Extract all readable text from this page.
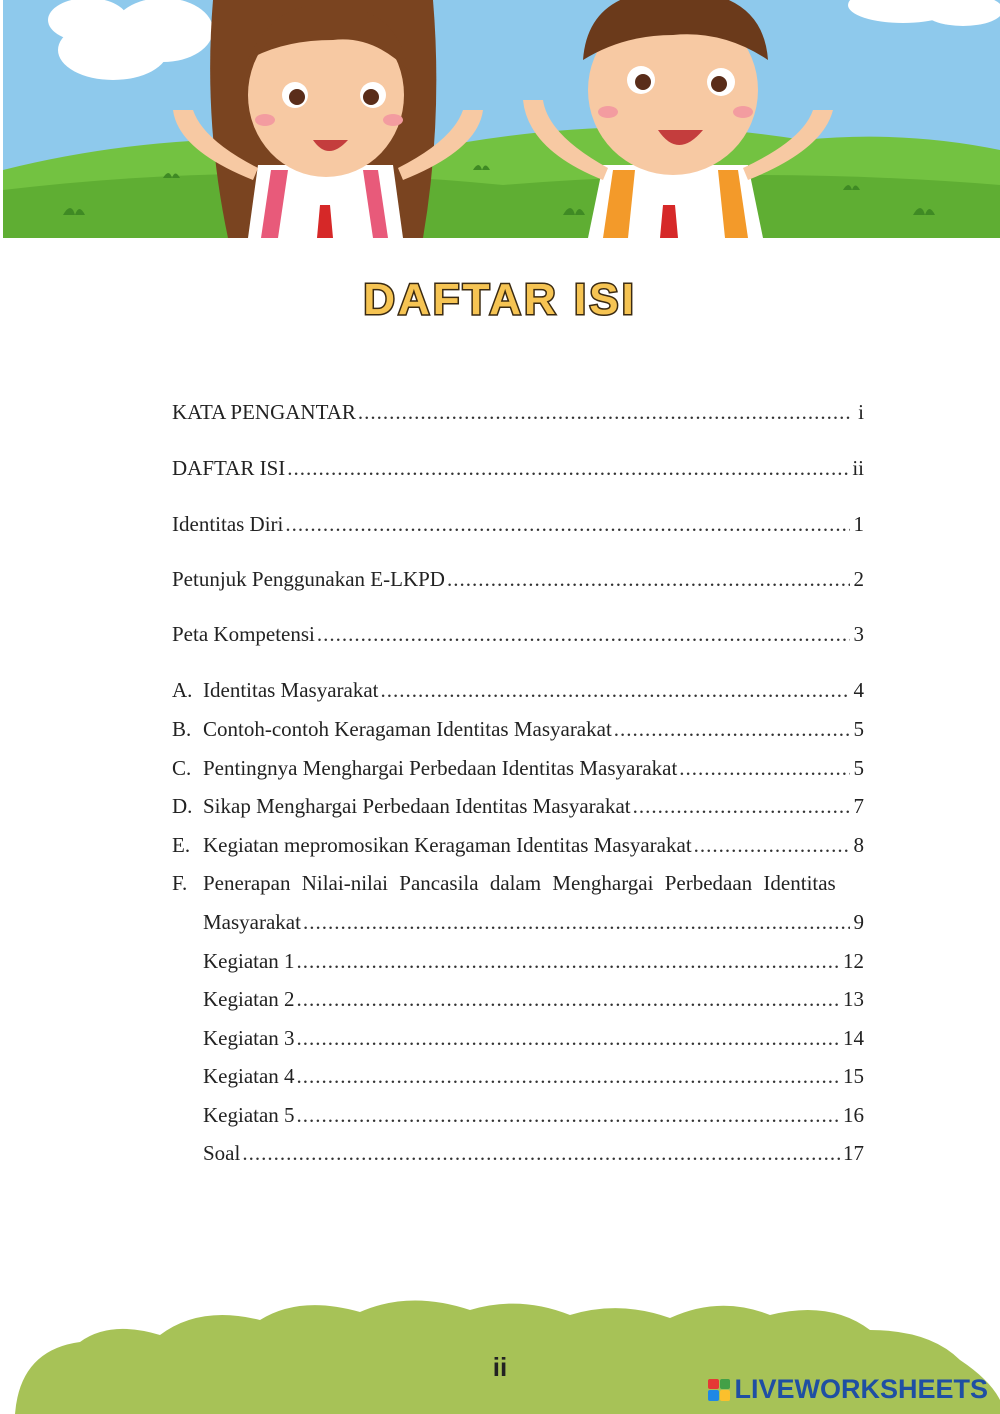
DAFTAR ISI
KATA PENGANTAR .....	i
DAFTAR ISI .....	ii
Identitas Diri .....	1
Petunjuk Penggunakan E-LKPD .....	2
Peta Kompetensi .....	3
A. Identitas Masyarakat .....	4
B. Contoh-contoh Keragaman Identitas Masyarakat .....	5
C. Pentingnya Menghargai Perbedaan Identitas Masyarakat .....	5
D. Sikap Menghargai Perbedaan Identitas Masyarakat .....	7
E. Kegiatan mepromosikan Keragaman Identitas Masyarakat .....	8
F. Penerapan Nilai-nilai Pancasila dalam Menghargai Perbedaan Identitas
Masyarakat .....	9
Kegiatan 1 .....	12
Kegiatan 2 .....	13
Kegiatan 3 .....	14
Kegiatan 4 .....	15
Kegiatan 5 .....	16
Soal .....	17
ii
LIVEWORKSHEETS
